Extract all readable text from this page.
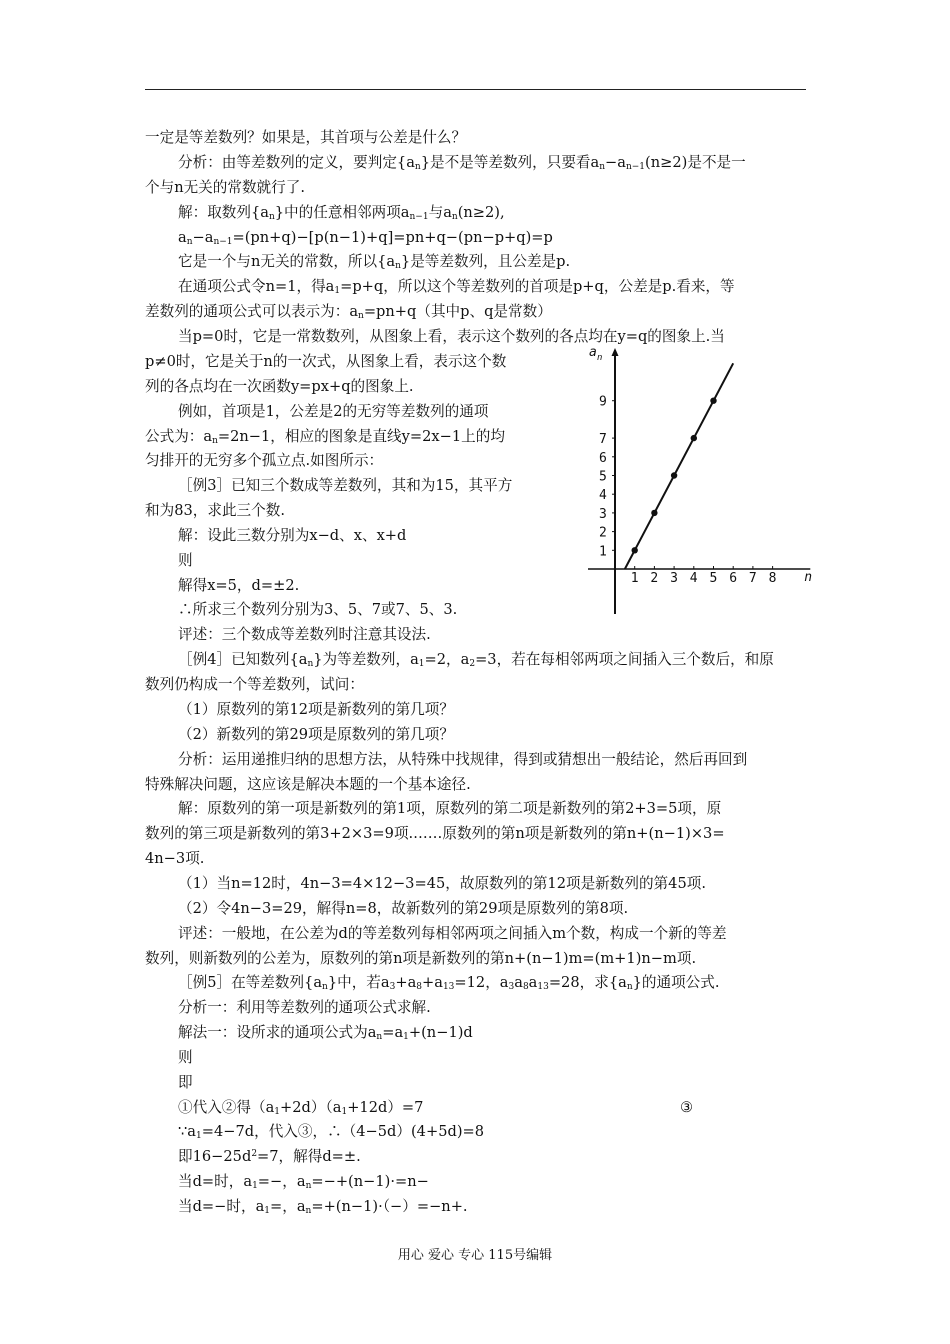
一定是等差数列？如果是，其首项与公差是什么？
分析：由等差数列的定义，要判定$\{a_n\}$是不是等差数列，只要看$a_n-a_{n-1}(n\ge 2)$是不是一
个与n无关的常数就行了.
解：取数列$\{a_n\}$中的任意相邻两项$a_{n-1}$与$a_n(n\ge 2)$,
$a_n-a_{n-1}=(pn+q)-[p(n-1)+q]=pn+q-(pn-p+q)=p$
它是一个与n无关的常数，所以$\{a_n\}$是等差数列，且公差是p.
在通项公式令n=1，得$a_1=p+q$，所以这个等差数列的首项是p+q，公差是p.看来，等
差数列的通项公式可以表示为：$a_n=pn+q$（其中p、q是常数）
当p=0时，它是一常数数列，从图象上看，表示这个数列的各点均在y=q的图象上.当
p≠0时，它是关于n的一次式，从图象上看，表示这个数
列的各点均在一次函数y=px+q的图象上.
例如，首项是1，公差是2的无穷等差数列的通项
公式为：$a_n=2n-1$，相应的图象是直线y=2x−1上的均
匀排开的无穷多个孤立点.如图所示：
［例3］已知三个数成等差数列，其和为15，其平方
和为83，求此三个数.
解：设此三数分别为x−d、x、x+d
则
解得x=5，d=±2.
∴所求三个数列分别为3、5、7或7、5、3.
评述：三个数成等差数列时注意其设法.
［例4］已知数列$\{a_n\}$为等差数列，$a_1=2$，$a_2=3$，若在每相邻两项之间插入三个数后，和原
数列仍构成一个等差数列，试问：
（1）原数列的第12项是新数列的第几项？
（2）新数列的第29项是原数列的第几项？
分析：运用递推归纳的思想方法，从特殊中找规律，得到或猜想出一般结论，然后再回到
特殊解决问题，这应该是解决本题的一个基本途径.
解：原数列的第一项是新数列的第1项，原数列的第二项是新数列的第2+3=5项，原
数列的第三项是新数列的第3+2×3=9项.……原数列的第n项是新数列的第n+(n−1)×3=
4n−3项.
（1）当n=12时，4n−3=4×12−3=45，故原数列的第12项是新数列的第45项.
（2）令4n−3=29，解得n=8，故新数列的第29项是原数列的第8项.
评述：一般地，在公差为d的等差数列每相邻两项之间插入m个数，构成一个新的等差
数列，则新数列的公差为，原数列的第n项是新数列的第n+(n−1)m=(m+1)n−m项.
［例5］在等差数列$\{a_n\}$中，若$a_3+a_8+a_{13}=12$，$a_3a_8a_{13}=28$，求$\{a_n\}$的通项公式.
分析一：利用等差数列的通项公式求解.
解法一：设所求的通项公式为$a_n=a_1+(n-1)d$
则
即
①代入②得$(a_1+2d)(a_1+12d)=7$	③
$\because a_1=4-7d$，代入③，∴（4−5d）(4+5d)=8
即$16-25d^2=7$，解得d=±.
当d=时，$a_1=-$，$a_n=-+(n-1)\cdot=n-$
当d=−时，$a_1=$，$a_n=+(n-1)\cdot(-)=-n+$.
a n
n
1 2 3 4 5 6 7 8
1
2
3
4
5
6
7
9
用心 爱心 专心 115号编辑
